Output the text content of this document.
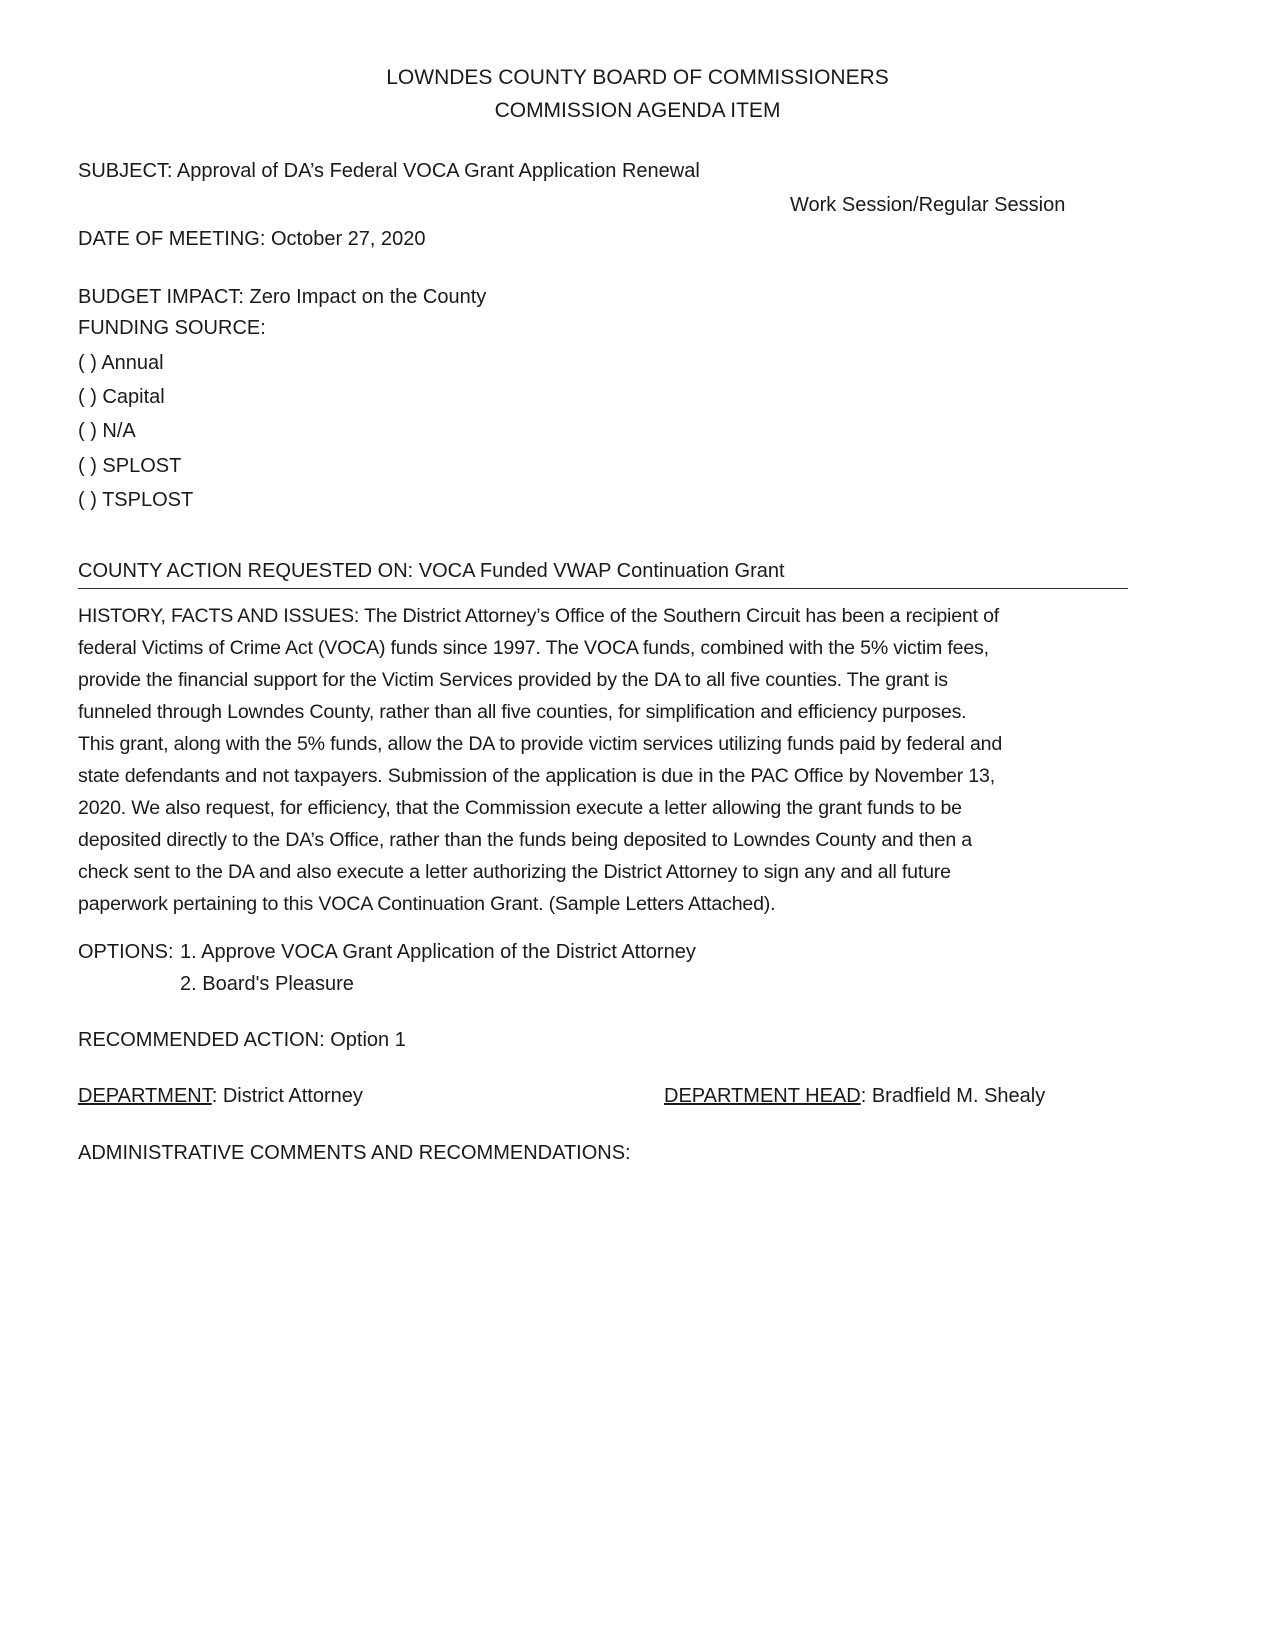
LOWNDES COUNTY BOARD OF COMMISSIONERS
COMMISSION AGENDA ITEM
SUBJECT: Approval of DA’s Federal VOCA Grant Application Renewal
Work Session/Regular Session
DATE OF MEETING: October 27, 2020
BUDGET IMPACT: Zero Impact on the County
FUNDING SOURCE:
( ) Annual
( ) Capital
( ) N/A
( ) SPLOST
( ) TSPLOST
COUNTY ACTION REQUESTED ON: VOCA Funded VWAP Continuation Grant
HISTORY, FACTS AND ISSUES: The District Attorney’s Office of the Southern Circuit has been a recipient of
federal Victims of Crime Act (VOCA) funds since 1997. The VOCA funds, combined with the 5% victim fees,
provide the financial support for the Victim Services provided by the DA to all five counties. The grant is
funneled through Lowndes County, rather than all five counties, for simplification and efficiency purposes.
This grant, along with the 5% funds, allow the DA to provide victim services utilizing funds paid by federal and
state defendants and not taxpayers. Submission of the application is due in the PAC Office by November 13,
2020. We also request, for efficiency, that the Commission execute a letter allowing the grant funds to be
deposited directly to the DA’s Office, rather than the funds being deposited to Lowndes County and then a
check sent to the DA and also execute a letter authorizing the District Attorney to sign any and all future
paperwork pertaining to this VOCA Continuation Grant. (Sample Letters Attached).
OPTIONS: 1. Approve VOCA Grant Application of the District Attorney
2. Board's Pleasure
RECOMMENDED ACTION: Option 1
DEPARTMENT: District Attorney	DEPARTMENT HEAD: Bradfield M. Shealy
ADMINISTRATIVE COMMENTS AND RECOMMENDATIONS:
